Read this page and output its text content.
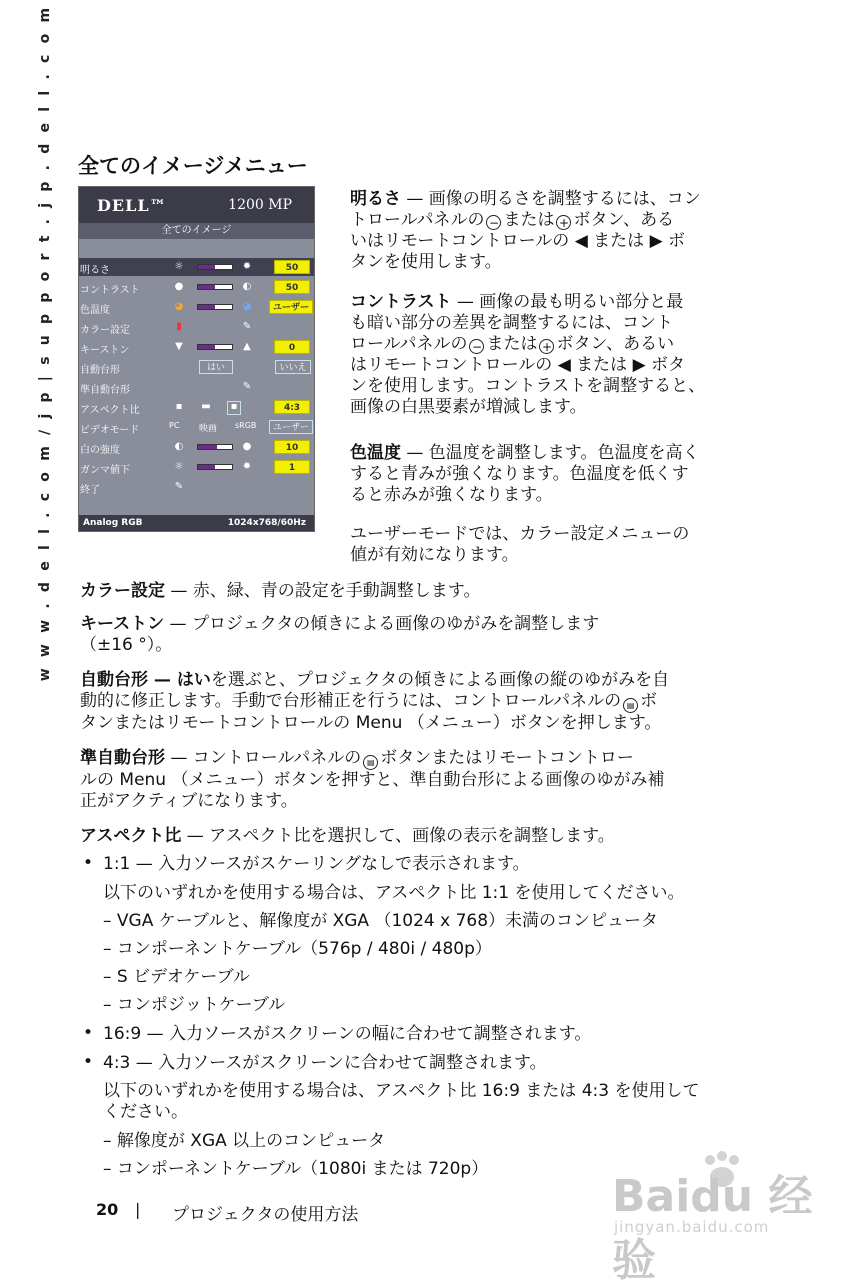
w w w . d e l l . c o m / j p | s u p p o r t . j p . d e l l . c o m 全てのイメージメニュー
DELL™	1200 MP
全てのイメージ
明るさ	☼	✹	50
コントラスト	●	◐	50
色温度	◕	◕	ユーザー
カラー設定	▮	✎
キーストン	▼	▲	0
自動台形	はい	いいえ
準自動台形	✎
アスペクト比	▪ ▬	▪	4:3
ビデオモード	PC 映画 sRGB	ユーザー
白の強度	◐	●	10
ガンマ値下	☼	✹	1
終了	✎
Analog RGB	1024x768/60Hz
明るさ — 画像の明るさを調整するには、コン
トロールパネルの − または + ボタン、ある
いはリモートコントロールの ◀ または ▶ ボ
タンを使用します。
コントラスト — 画像の最も明るい部分と最
も暗い部分の差異を調整するには、コント
ロールパネルの − または + ボタン、あるい
はリモートコントロールの ◀ または ▶ ボタ
ンを使用します。コントラストを調整すると、
画像の白黒要素が増減します。
色温度 — 色温度を調整します。色温度を高く
すると青みが強くなります。色温度を低くす
ると赤みが強くなります。
ユーザーモードでは、カラー設定メニューの
値が有効になります。
カラー設定 — 赤、緑、青の設定を手動調整します。
キーストン — プロジェクタの傾きによる画像のゆがみを調整します
（±16 °）。
自動台形 — はいを選ぶと、プロジェクタの傾きによる画像の縦のゆがみを自
動的に修正します。手動で台形補正を行うには、コントロールパネルの ▤ ボ
タンまたはリモートコントロールの Menu （メニュー）ボタンを押します。
準自動台形 — コントロールパネルの ▤ ボタンまたはリモートコントロー
ルの Menu （メニュー）ボタンを押すと、準自動台形による画像のゆがみ補
正がアクティブになります。
アスペクト比 — アスペクト比を選択して、画像の表示を調整します。
• 1:1 — 入力ソースがスケーリングなしで表示されます。
以下のいずれかを使用する場合は、アスペクト比 1:1 を使用してください。
– VGA ケーブルと、解像度が XGA （1024 x 768）未満のコンピュータ
– コンポーネントケーブル（576p / 480i / 480p）
– S ビデオケーブル
– コンポジットケーブル
• 16:9 — 入力ソースがスクリーンの幅に合わせて調整されます。
• 4:3 — 入力ソースがスクリーンに合わせて調整されます。
以下のいずれかを使用する場合は、アスペクト比 16:9 または 4:3 を使用して
ください。
– 解像度が XGA 以上のコンピュータ
– コンポーネントケーブル（1080i または 720p）
20 | プロジェクタの使用方法	Baidu 经验
jingyan.baidu.com
